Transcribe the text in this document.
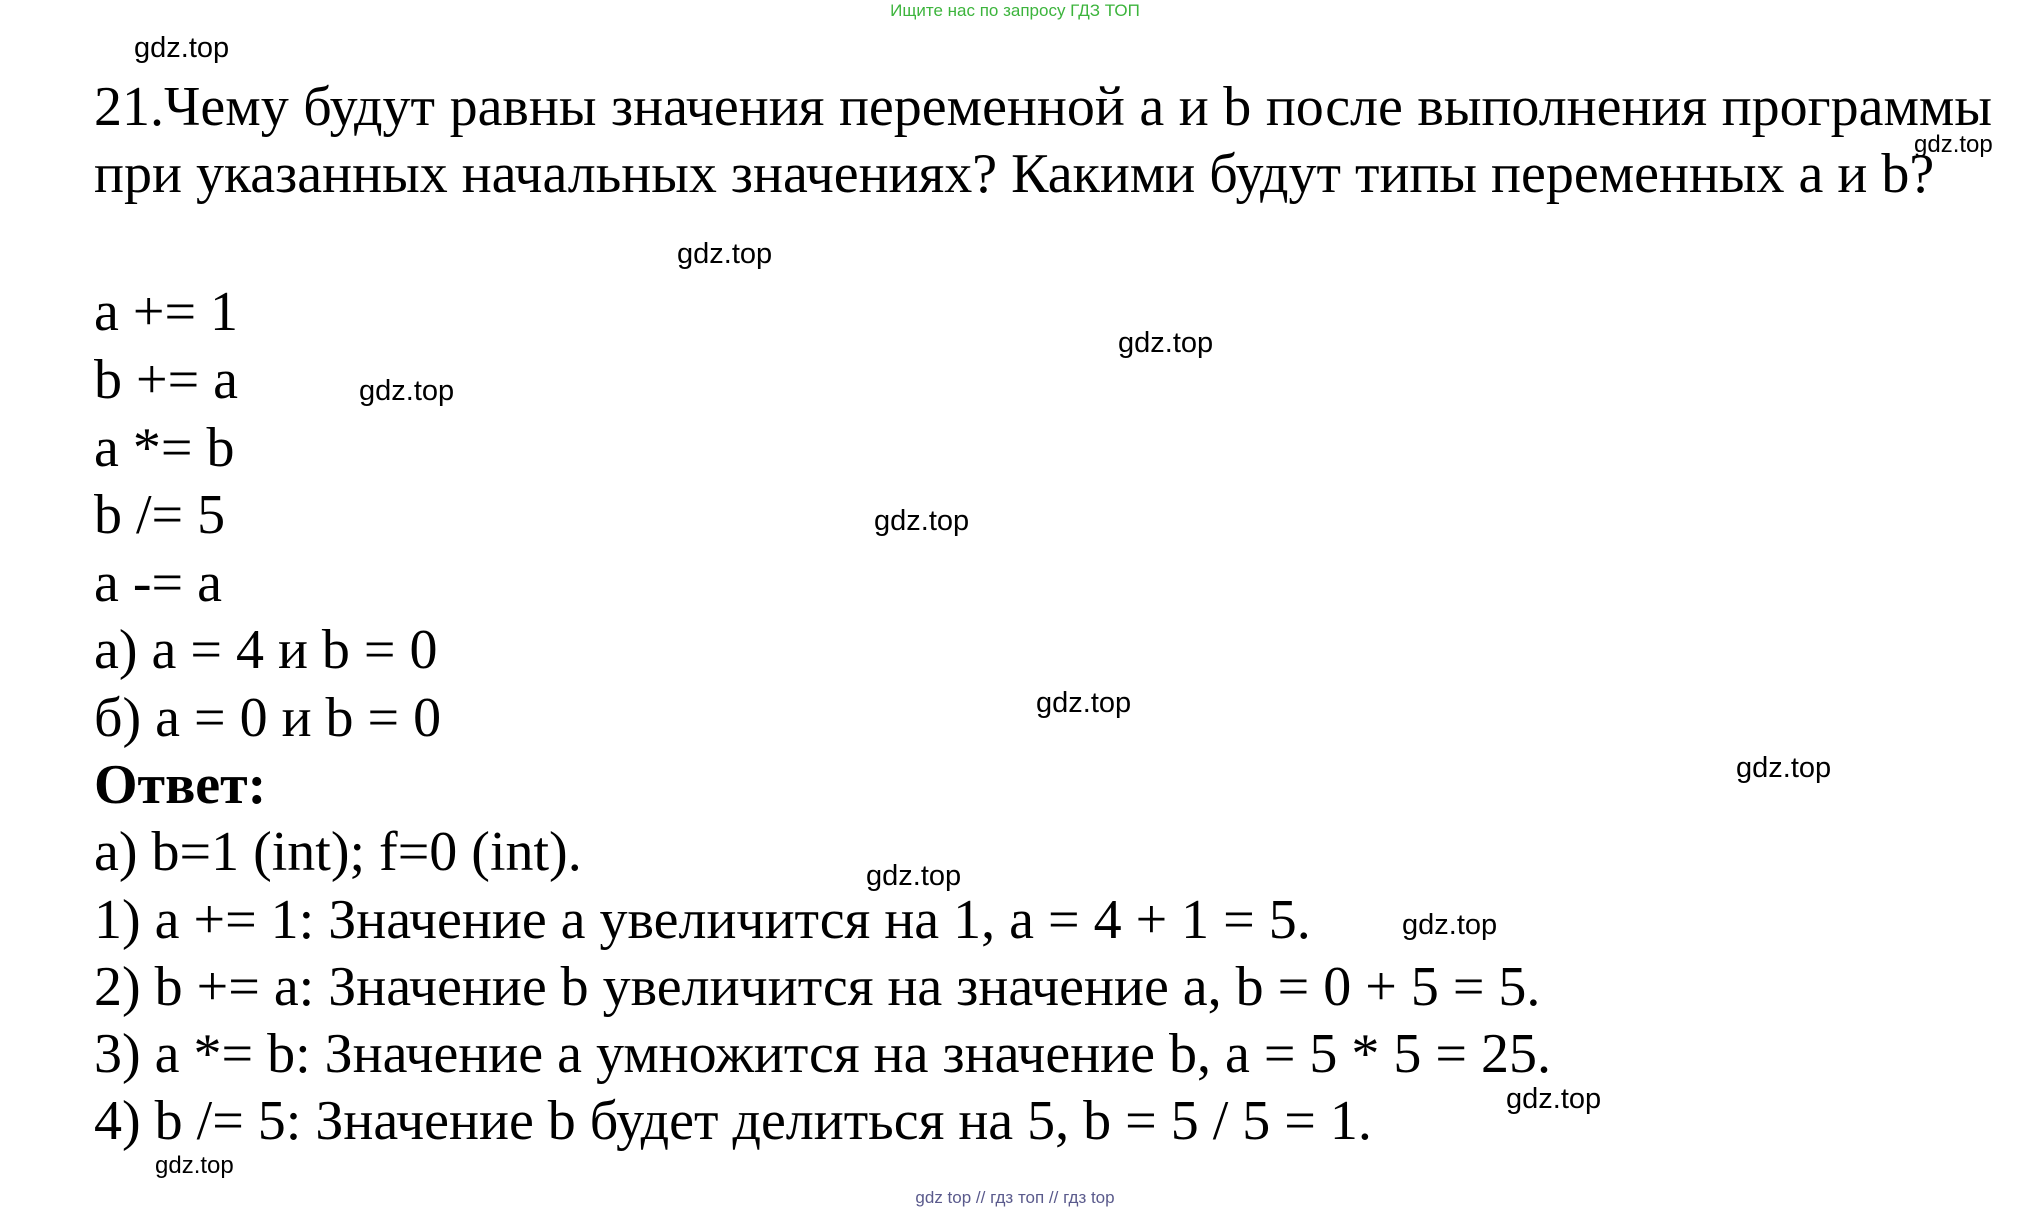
Ищите нас по запросу ГДЗ ТОП
gdz.top
gdz.top
gdz.top
gdz.top
gdz.top
gdz.top
gdz.top
gdz.top
gdz.top
gdz.top
gdz.top
gdz.top
21.Чему будут равны значения переменной a и b после выполнения программы при указанных начальных значениях? Какими будут типы переменных a и b?
a += 1
b += a
a *= b
b /= 5
a -= a
а) a = 4 и b = 0
б) a = 0 и b = 0
Ответ:
а) b=1 (int); f=0 (int).
1) a += 1: Значение a увеличится на 1, a = 4 + 1 = 5.
2) b += a: Значение b увеличится на значение a, b = 0 + 5 = 5.
3) a *= b: Значение a умножится на значение b, a = 5 * 5 = 25.
4) b /= 5: Значение b будет делиться на 5, b = 5 / 5 = 1.
gdz top // гдз топ // гдз top
